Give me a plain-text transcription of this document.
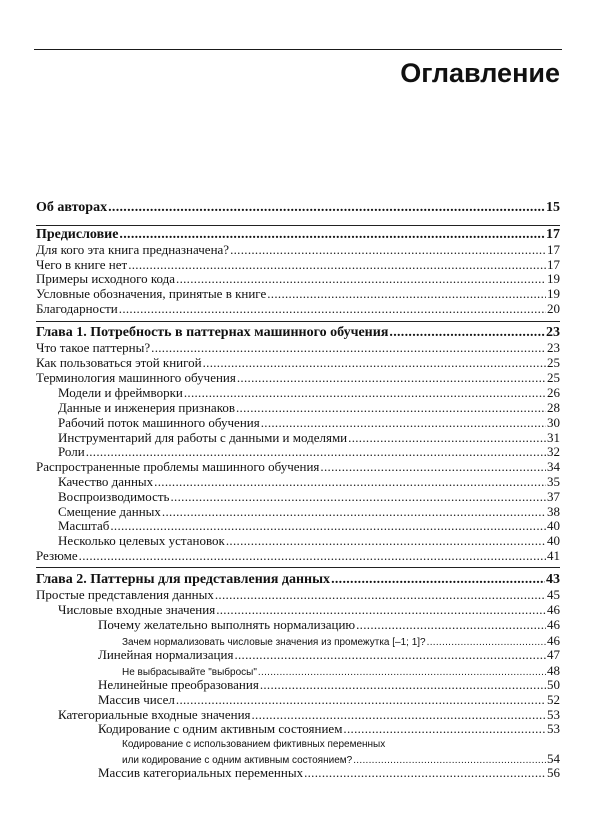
Оглавление
Об авторах .....	15
Предисловие .....	17
Для кого эта книга предназначена? .....	17
Чего в книге нет .....	17
Примеры исходного кода .....	19
Условные обозначения, принятые в книге .....	19
Благодарности .....	20
Глава 1. Потребность в паттернах машинного обучения .....	23
Что такое паттерны? .....	23
Как пользоваться этой книгой .....	25
Терминология машинного обучения .....	25
Модели и фреймворки .....	26
Данные и инженерия признаков .....	28
Рабочий поток машинного обучения .....	30
Инструментарий для работы с данными и моделями .....	31
Роли .....	32
Распространенные проблемы машинного обучения .....	34
Качество данных .....	35
Воспроизводимость .....	37
Смещение данных .....	38
Масштаб .....	40
Несколько целевых установок .....	40
Резюме .....	41
Глава 2. Паттерны для представления данных .....	43
Простые представления данных .....	45
Числовые входные значения .....	46
Почему желательно выполнять нормализацию .....	46
Зачем нормализовать числовые значения из промежутка [–1; 1]? .....	46
Линейная нормализация .....	47
Не выбрасывайте "выбросы" .....	48
Нелинейные преобразования .....	50
Массив чисел .....	52
Категориальные входные значения .....	53
Кодирование с одним активным состоянием .....	53
Кодирование с использованием фиктивных переменных
или кодирование с одним активным состоянием? .....	54
Массив категориальных переменных .....	56
